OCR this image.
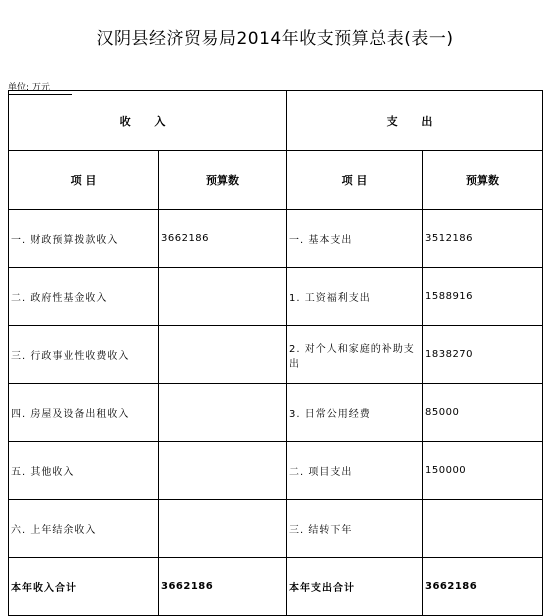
汉阴县经济贸易局2014年收支预算总表(表一)
单位: 万元
收 入		支 出	
项 目	预算数	项 目	预算数
一. 财政预算拨款收入	3662186	一. 基本支出	3512186
二. 政府性基金收入		1. 工资福利支出	1588916
三. 行政事业性收费收入		2. 对个人和家庭的补助支出	1838270
四. 房屋及设备出租收入		3. 日常公用经费	85000
五. 其他收入		二. 项目支出	150000
六. 上年结余收入		三. 结转下年	
本年收入合计	3662186	本年支出合计	3662186
